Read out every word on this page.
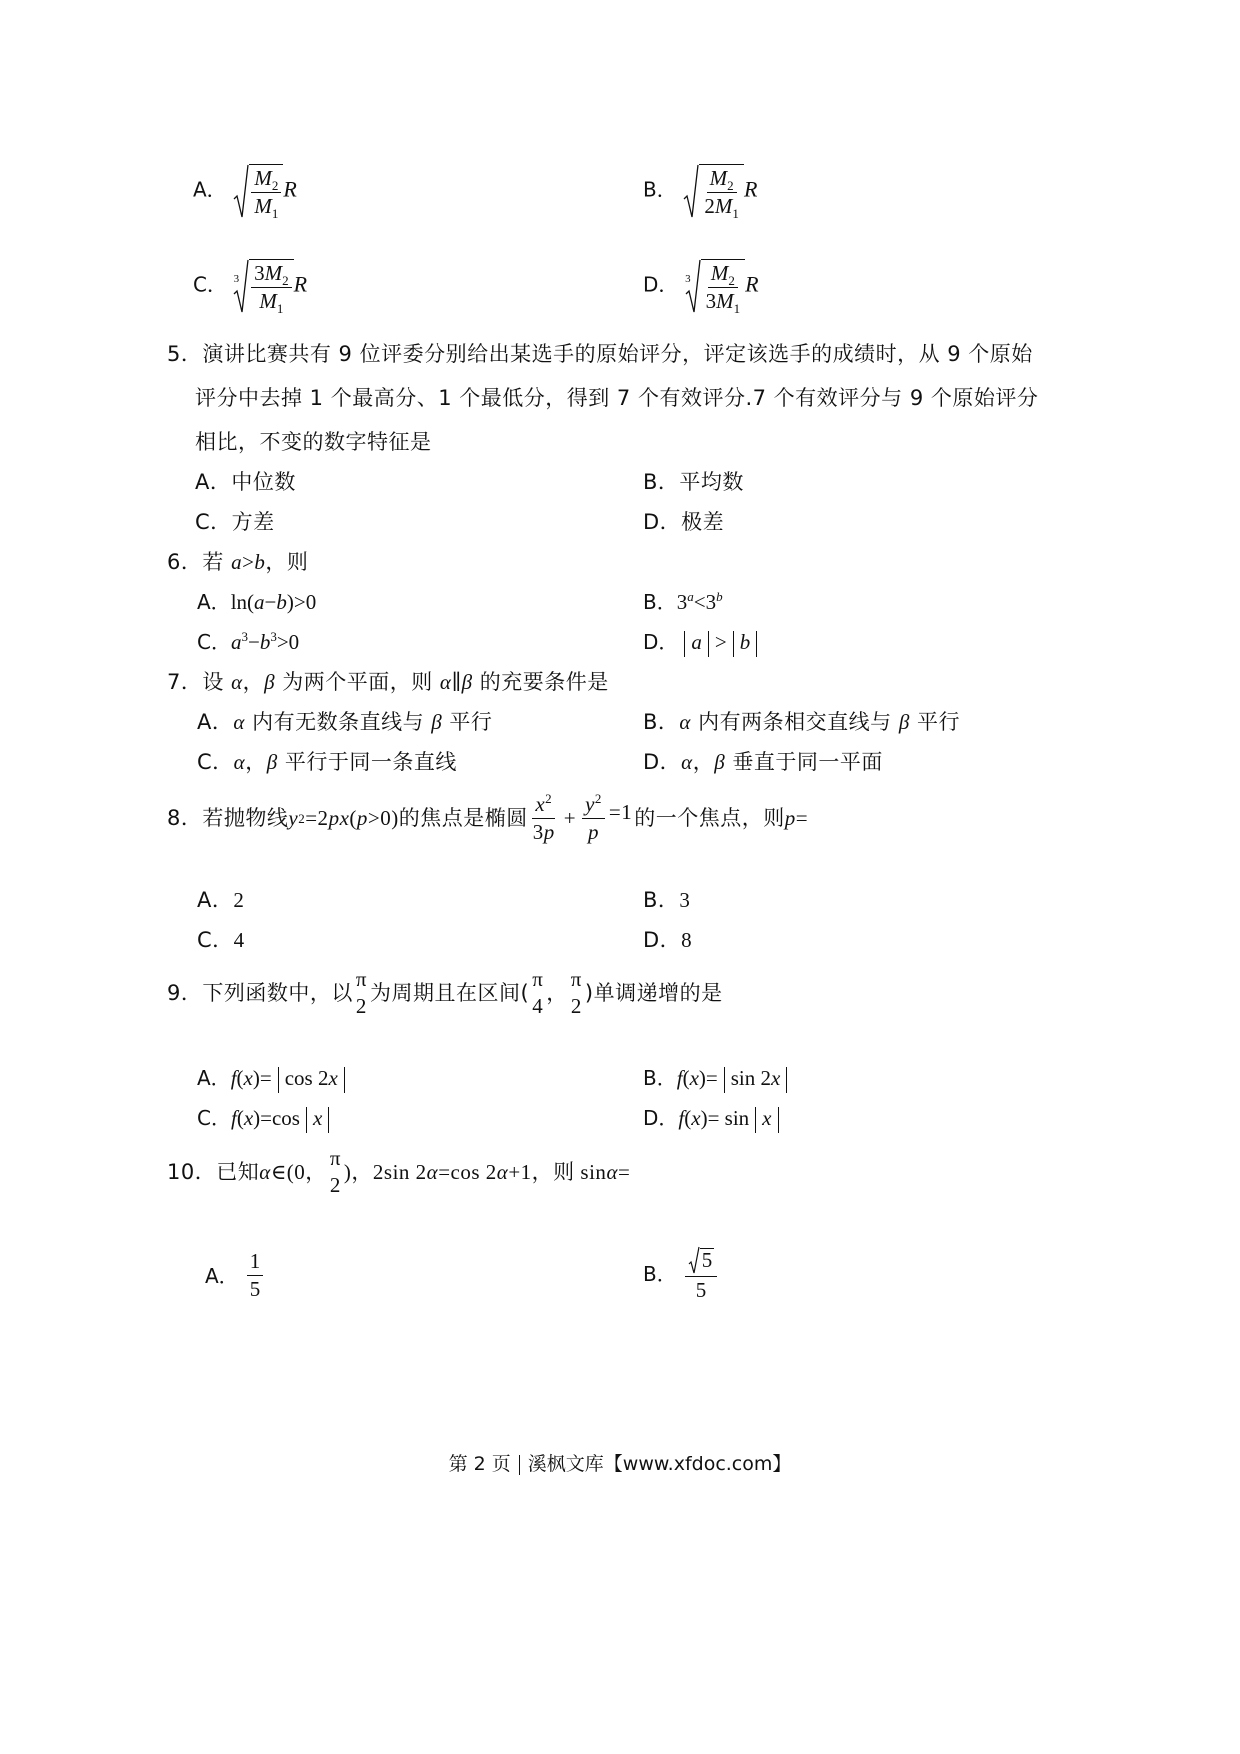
A． $\frac{M_2}{M_1}$ R	B． $\frac{M_2}{2M_1}$ R
C． $3 \frac{3M_2}{M_1}$ R	D． $3 \frac{M_2}{3M_1}$ R
5．演讲比赛共有 9 位评委分别给出某选手的原始评分，评定该选手的成绩时，从 9 个原始
评分中去掉 1 个最高分、1 个最低分，得到 7 个有效评分.7 个有效评分与 9 个原始评分
相比，不变的数字特征是
A．中位数	B．平均数
C．方差	D．极差
6．若 a>b，则
A．ln(a−b)>0	B．$3^a<3^b$
C．$a^3-b^3>0$	D． a > b
7．设 α，β 为两个平面，则 α∥β 的充要条件是
A．α 内有无数条直线与 β 平行	B．α 内有两条相交直线与 β 平行
C．α，β 平行于同一条直线	D．α，β 垂直于同一平面
8． 若抛物线 y 2 =2 px ( p >0) 的焦点是椭圆 $\frac{x^2}{3p} + \frac{y^2}{p} =1$ 的一个焦点，则 p =
A．2	B．3
C．4	D．8
9． 下列函数中，以
π
2
为周期且在区间(
π
4
，
π
2
)单调递增的是
A．f(x)= cos 2x	B．f(x)= sin 2x
C．f(x)=cos x	D．f(x)= sin x
10． 已知 α ∈(0，
π
2
)，2sin 2 α =cos 2 α +1，则 sin α =
A． $\frac{1}{5}$	B． $\frac{5}{5}$
第 2 页 溪枫文库【www.xfdoc.com】
